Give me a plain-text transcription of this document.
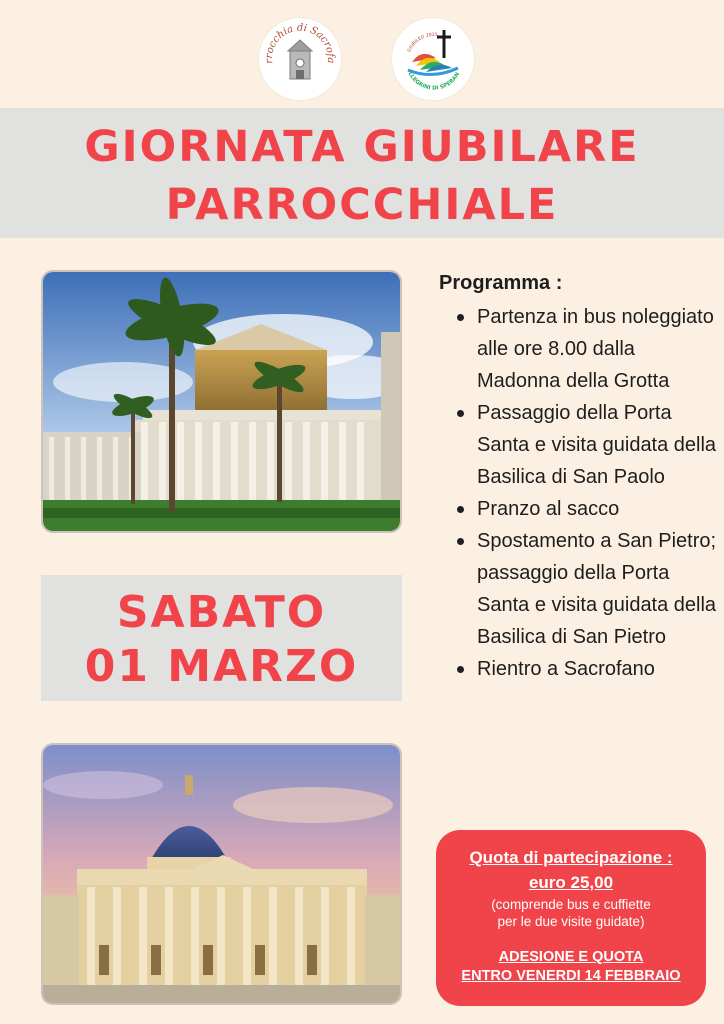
rrocchia di Sacrofa
GIUBILEO 2025
LLEGRINI DI SPERAN
GIORNATA GIUBILARE
PARROCCHIALE
SABATO
01 MARZO
Programma :
Partenza in bus noleggiato alle ore 8.00 dalla Madonna della Grotta
Passaggio della Porta Santa e visita guidata della Basilica di San Paolo
Pranzo al sacco
Spostamento a San Pietro; passaggio della Porta Santa e visita guidata della Basilica di San Pietro
Rientro a Sacrofano
Quota di partecipazione :
euro 25,00
(comprende bus e cuffiette
per le due visite guidate)
ADESIONE E QUOTA
ENTRO VENERDI 14 FEBBRAIO
